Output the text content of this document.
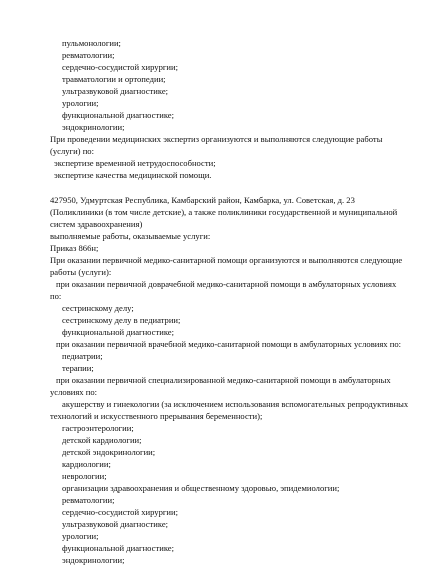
пульмонологии;
ревматологии;
сердечно-сосудистой хирургии;
травматологии и ортопедии;
ультразвуковой диагностике;
урологии;
функциональной диагностике;
эндокринологии;
При проведении медицинских экспертиз организуются и выполняются следующие работы
(услуги) по:
экспертизе временной нетрудоспособности;
экспертизе качества медицинской помощи.
427950, Удмуртская Республика, Камбарский район, Камбарка, ул. Советская, д. 23
(Поликлиники (в том числе детские), а также поликлиники государственной и муниципальной
систем здравоохранения)
выполняемые работы, оказываемые услуги:
Приказ 866н;
При оказании первичной медико-санитарной помощи организуются и выполняются следующие
работы (услуги):
при оказании первичной доврачебной медико-санитарной помощи в амбулаторных условиях
по:
сестринскому делу;
сестринскому делу в педиатрии;
функциональной диагностике;
при оказании первичной врачебной медико-санитарной помощи в амбулаторных условиях по:
педиатрии;
терапии;
при оказании первичной специализированной медико-санитарной помощи в амбулаторных
условиях по:
акушерству и гинекологии (за исключением использования вспомогательных репродуктивных
технологий и искусственного прерывания беременности);
гастроэнтерологии;
детской кардиологии;
детской эндокринологии;
кардиологии;
неврологии;
организации здравоохранения и общественному здоровью, эпидемиологии;
ревматологии;
сердечно-сосудистой хирургии;
ультразвуковой диагностике;
урологии;
функциональной диагностике;
эндокринологии;
